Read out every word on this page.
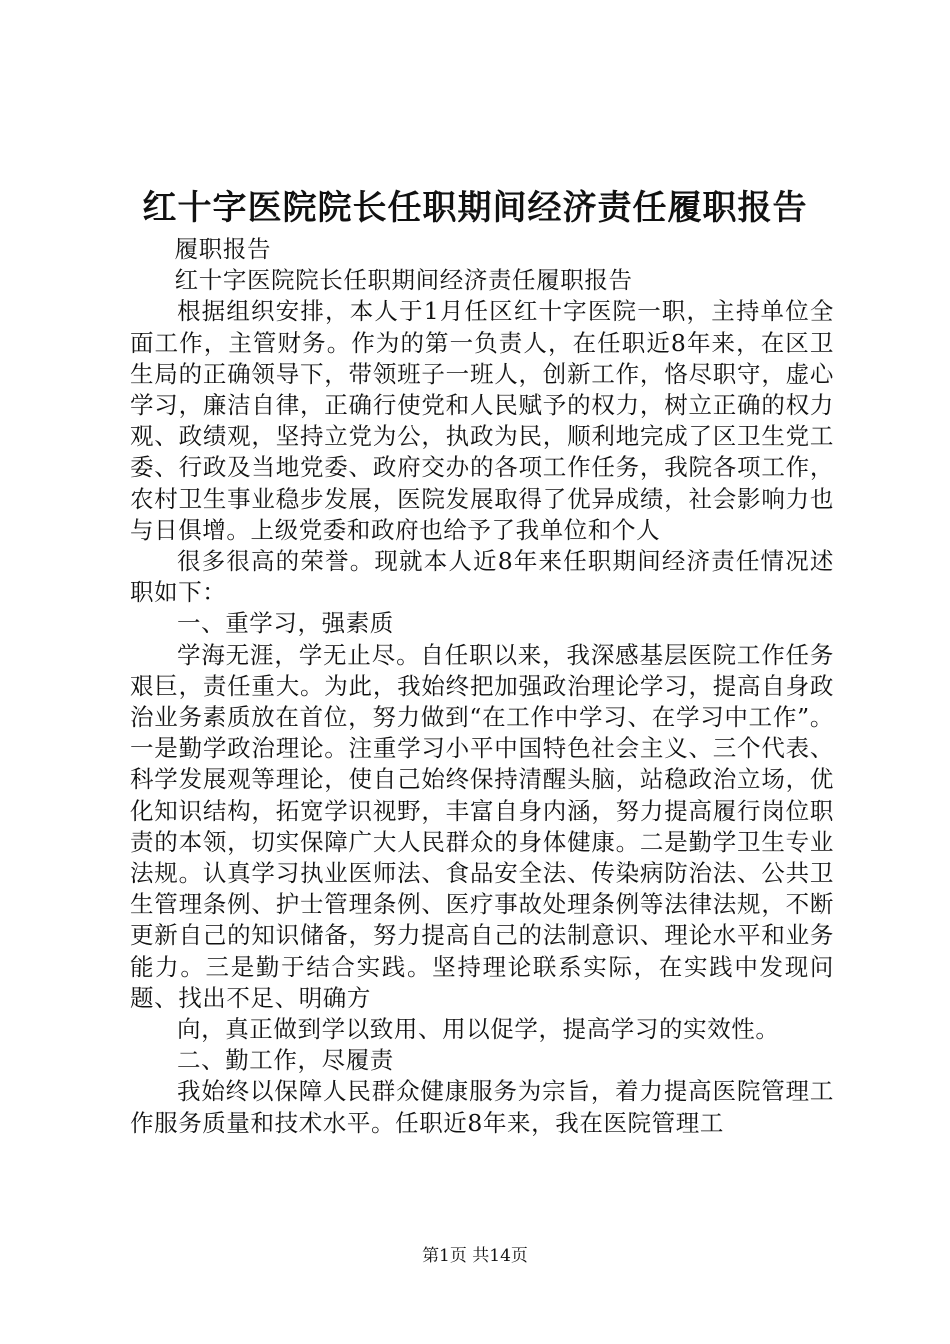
红十字医院院长任职期间经济责任履职报告

履职报告

红十字医院院长任职期间经济责任履职报告

根据组织安排，本人于1月任区红十字医院一职，主持单位全面工作，主管财务。作为的第一负责人，在任职近8年来，在区卫生局的正确领导下，带领班子一班人，创新工作，恪尽职守，虚心学习，廉洁自律，正确行使党和人民赋予的权力，树立正确的权力观、政绩观，坚持立党为公，执政为民，顺利地完成了区卫生党工委、行政及当地党委、政府交办的各项工作任务，我院各项工作，农村卫生事业稳步发展，医院发展取得了优异成绩，社会影响力也与日俱增。上级党委和政府也给予了我单位和个人

很多很高的荣誉。现就本人近8年来任职期间经济责任情况述职如下：

一、重学习，强素质

学海无涯，学无止尽。自任职以来，我深感基层医院工作任务艰巨，责任重大。为此，我始终把加强政治理论学习，提高自身政治业务素质放在首位，努力做到“在工作中学习、在学习中工作”。一是勤学政治理论。注重学习小平中国特色社会主义、三个代表、科学发展观等理论，使自己始终保持清醒头脑，站稳政治立场，优化知识结构，拓宽学识视野，丰富自身内涵，努力提高履行岗位职责的本领，切实保障广大人民群众的身体健康。二是勤学卫生专业法规。认真学习执业医师法、食品安全法、传染病防治法、公共卫生管理条例、护士管理条例、医疗事故处理条例等法律法规，不断更新自己的知识储备，努力提高自己的法制意识、理论水平和业务能力。三是勤于结合实践。坚持理论联系实际，在实践中发现问题、找出不足、明确方

向，真正做到学以致用、用以促学，提高学习的实效性。

二、勤工作，尽履责

我始终以保障人民群众健康服务为宗旨，着力提高医院管理工作服务质量和技术水平。任职近8年来，我在医院管理工

第1页 共14页
